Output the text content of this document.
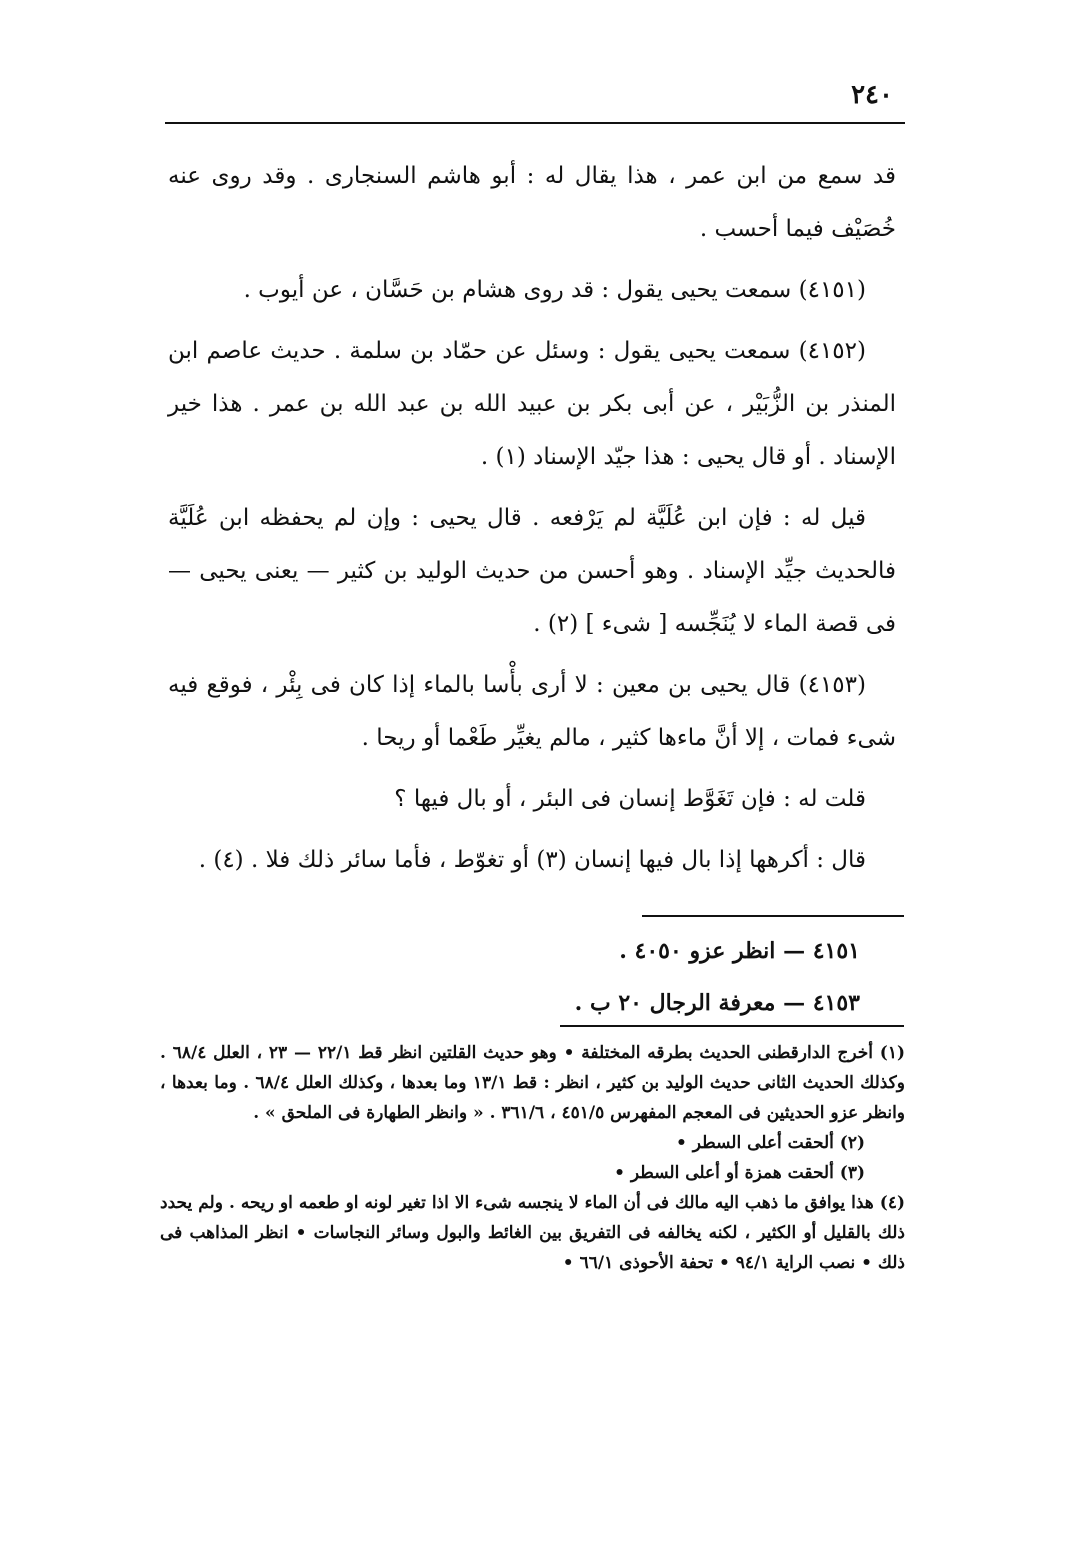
٢٤٠

قد سمع من ابن عمر ، هذا يقال له : أبو هاشم السنجارى . وقد روى عنه خُصَيْف فيما أحسب .

(٤١٥١) سمعت يحيى يقول : قد روى هشام بن حَسَّان ، عن أيوب .

(٤١٥٢) سمعت يحيى يقول : وسئل عن حمّاد بن سلمة . حديث عاصم ابن المنذر بن الزُّبَيْر ، عن أبى بكر بن عبيد الله بن عبد الله بن عمر . هذا خير الإسناد . أو قال يحيى : هذا جيّد الإسناد (١) .

قيل له : فإن ابن عُلَيَّة لم يَرْفعه . قال يحيى : وإن لم يحفظه ابن عُلَيَّة فالحديث جيِّد الإسناد . وهو أحسن من حديث الوليد بن كثير — يعنى يحيى — فى قصة الماء لا يُنَجِّسه [ شىء ] (٢) .

(٤١٥٣) قال يحيى بن معين : لا أرى بأْسا بالماء إذا كان فى بِئْر ، فوقع فيه شىء فمات ، إلا أنَّ ماءها كثير ، مالم يغيِّر طَعْما أو ريحا .

قلت له : فإن تَغَوَّط إنسان فى البئر ، أو بال فيها ؟

قال : أكرهها إذا بال فيها إنسان (٣) أو تغوّط ، فأما سائر ذلك فلا . (٤) .

٤١٥١ — انظر عزو ٤٠٥٠ .
٤١٥٣ — معرفة الرجال ٢٠ ب .

(١) أخرج الدارقطنى الحديث بطرقه المختلفة • وهو حديث القلتين انظر قط ٢٢/١ — ٢٣ ، العلل ٦٨/٤ . وكذلك الحديث الثانى حديث الوليد بن كثير ، انظر : قط ١٣/١ وما بعدها ، وكذلك العلل ٦٨/٤ . وما بعدها ، وانظر عزو الحديثين فى المعجم المفهرس ٤٥١/٥ ، ٣٦١/٦ . « وانظر الطهارة فى الملحق » .

(٢) ألحقت أعلى السطر •

(٣) ألحقت همزة أو أعلى السطر •

(٤) هذا يوافق ما ذهب اليه مالك فى أن الماء لا ينجسه شىء الا اذا تغير لونه او طعمه او ريحه . ولم يحدد ذلك بالقليل أو الكثير ، لكنه يخالفه فى التفريق بين الغائط والبول وسائر النجاسات • انظر المذاهب فى ذلك • نصب الراية ٩٤/١ • تحفة الأحوذى ٦٦/١ •
